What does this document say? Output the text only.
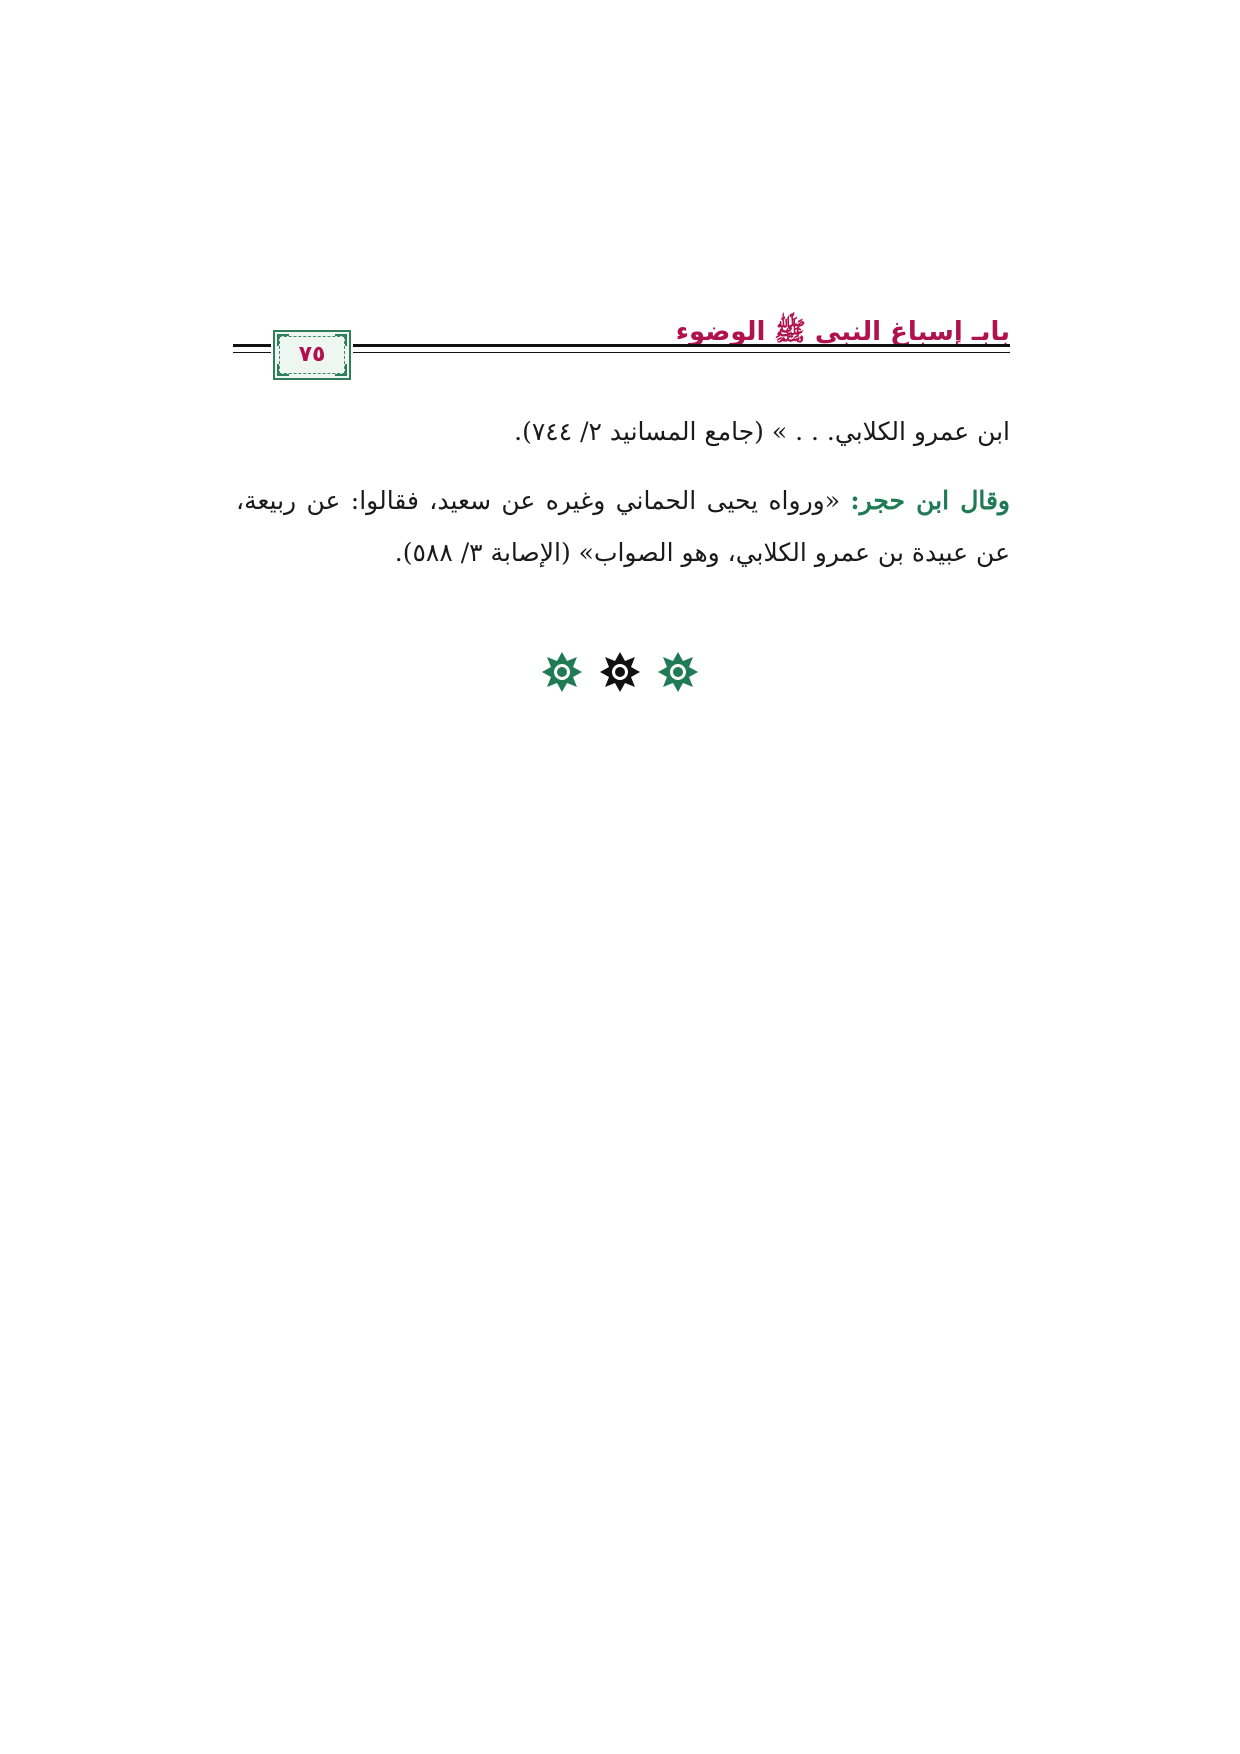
بابـ إسباغ النبي ﷺ الوضوء
٧٥
ابن عمرو الكلابي. . . » (جامع المسانيد ٢/ ٧٤٤).
وقال ابن حجر: «ورواه يحيى الحماني وغيره عن سعيد، فقالوا: عن ربيعة، عن عبيدة بن عمرو الكلابي، وهو الصواب» (الإصابة ٣/ ٥٨٨).
